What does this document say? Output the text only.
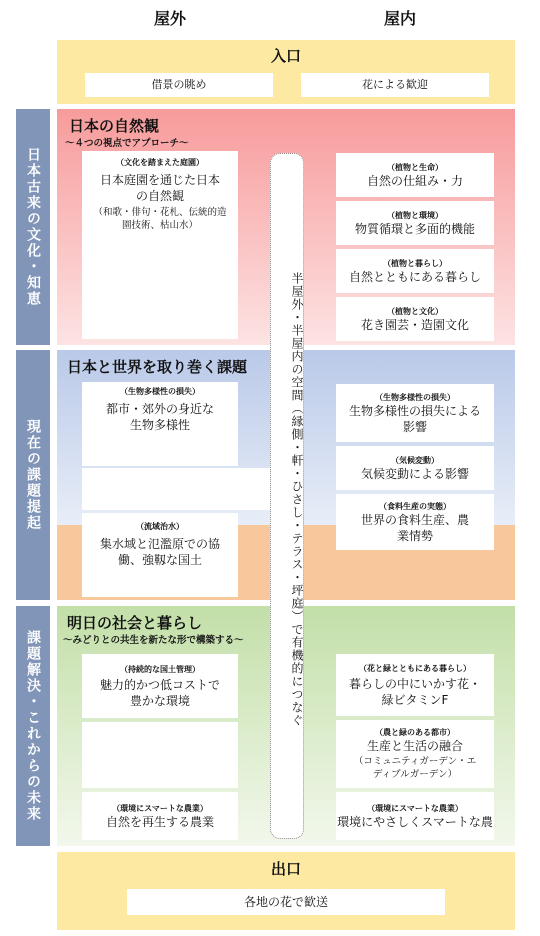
屋外	屋内
入口
借景の眺め	花による歓迎
日本古来の文化・知恵
現在の課題提起
課題解決・これからの未来
日本の自然観
～４つの視点でアプローチ～
（文化を踏まえた庭園）
日本庭園を通じた日本の自然観
（和歌・俳句・花札、伝統的造園技術、枯山水）
（植物と生命）
自然の仕組み・力
（植物と環境）
物質循環と多面的機能
（植物と暮らし）
自然とともにある暮らし
（植物と文化）
花き園芸・造園文化
日本と世界を取り巻く課題
（生物多様性の損失）
都市・郊外の身近な生物多様性
（流域治水）
集水域と氾濫原での協働、強靱な国土
（生物多様性の損失）
生物多様性の損失による影響
（気候変動）
気候変動による影響
（食料生産の実態）
世界の食料生産、農業情勢
明日の社会と暮らし
～みどりとの共生を新たな形で構築する～
（持続的な国土管理）
魅力的かつ低コストで豊かな環境
（環境にスマートな農業）
自然を再生する農業
（花と緑とともにある暮らし）
暮らしの中にいかす花・緑ビタミンF
（農と緑のある都市）
生産と生活の融合
（コミュニティガーデン・エディブルガーデン）
（環境にスマートな農業）
環境にやさしくスマートな農
半屋外・半屋内の空間（縁側・軒・ひさし・テラス・坪庭）で有機的につなぐ
出口
各地の花で歓送
